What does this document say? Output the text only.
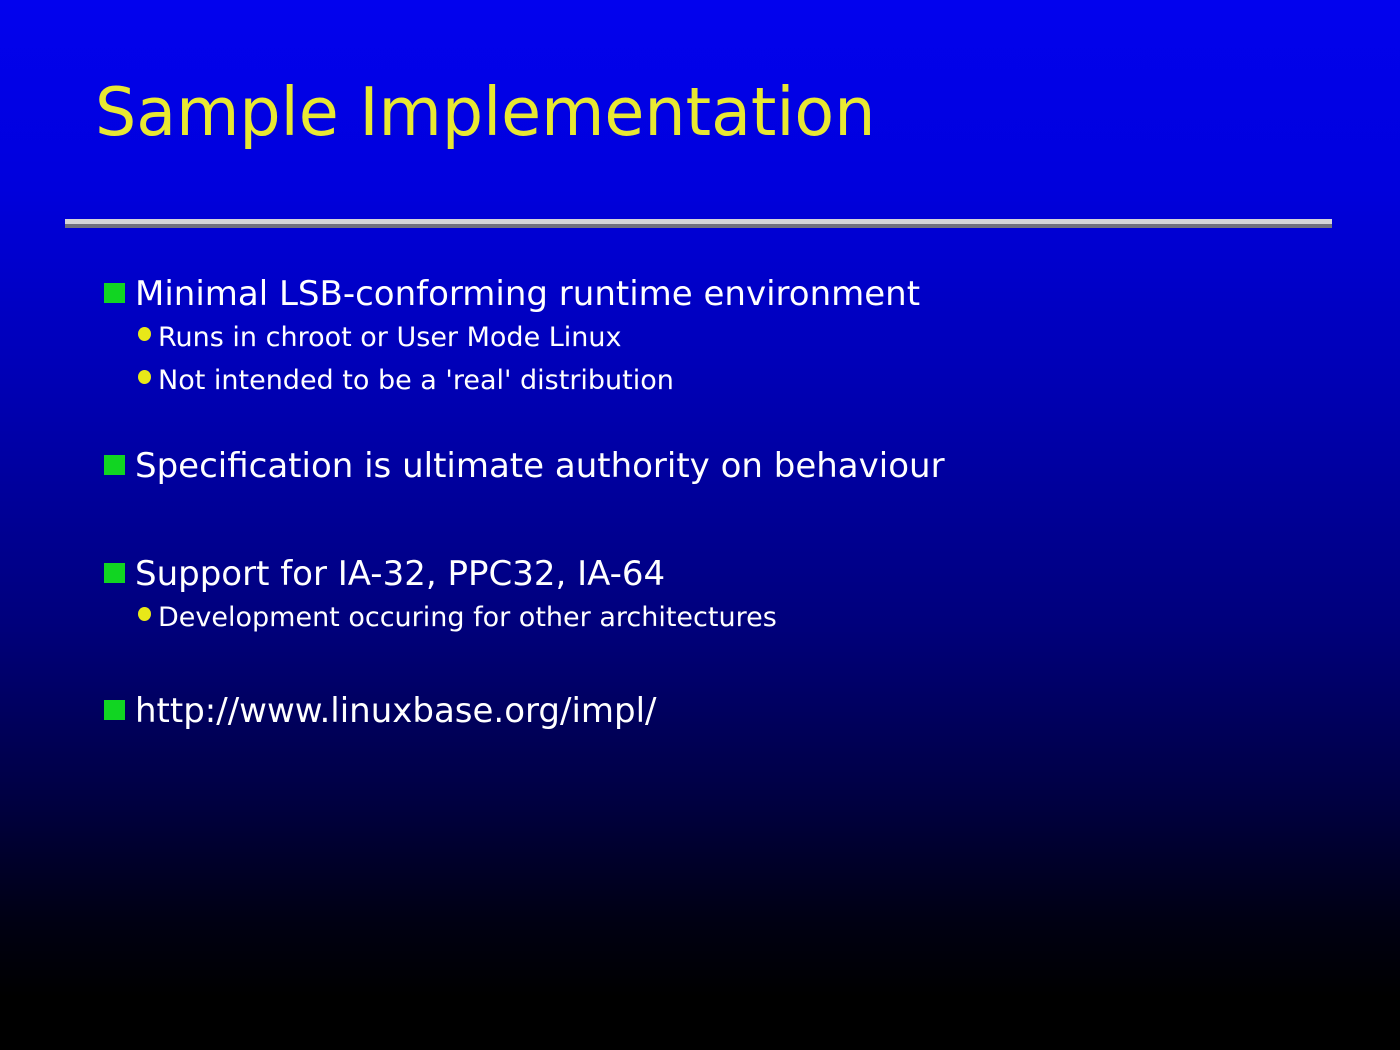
Sample Implementation
Minimal LSB-conforming runtime environment
Runs in chroot or User Mode Linux
Not intended to be a 'real' distribution
Specification is ultimate authority on behaviour
Support for IA-32, PPC32, IA-64
Development occuring for other architectures
http://www.linuxbase.org/impl/
